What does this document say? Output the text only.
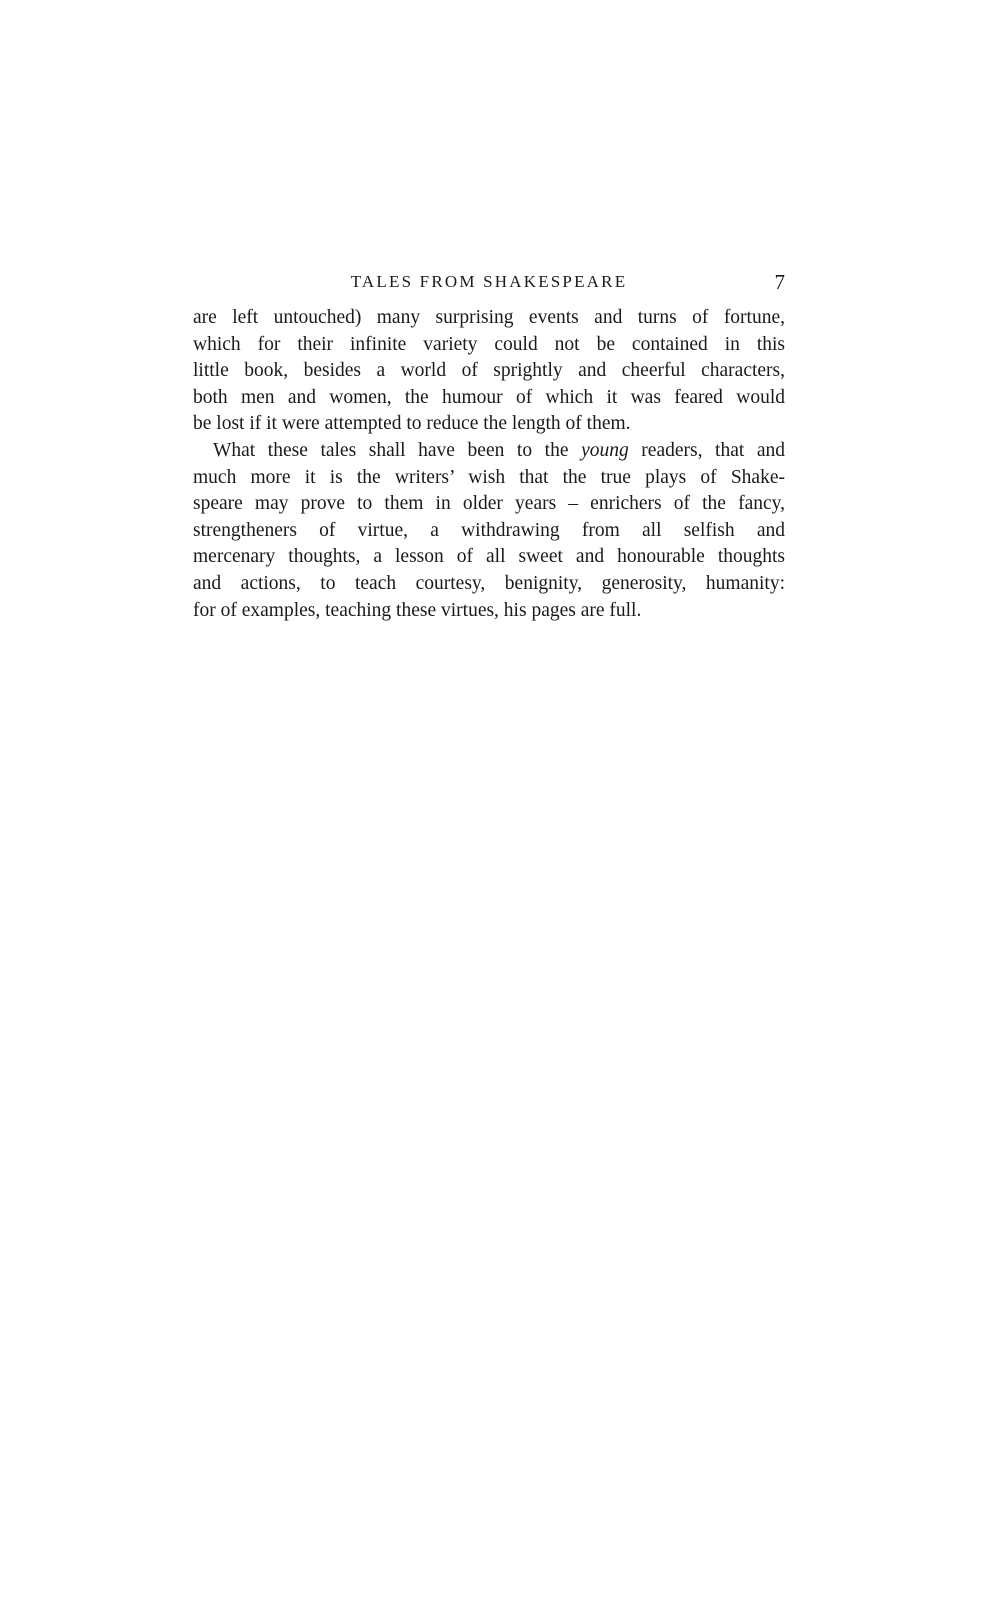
TALES FROM SHAKESPEARE	7
are left untouched) many surprising events and turns of fortune,
which for their infinite variety could not be contained in this
little book, besides a world of sprightly and cheerful characters,
both men and women, the humour of which it was feared would
be lost if it were attempted to reduce the length of them.
What these tales shall have been to the young readers, that and
much more it is the writers’ wish that the true plays of Shake-
speare may prove to them in older years – enrichers of the fancy,
strengtheners of virtue, a withdrawing from all selfish and
mercenary thoughts, a lesson of all sweet and honourable thoughts
and actions, to teach courtesy, benignity, generosity, humanity:
for of examples, teaching these virtues, his pages are full.
